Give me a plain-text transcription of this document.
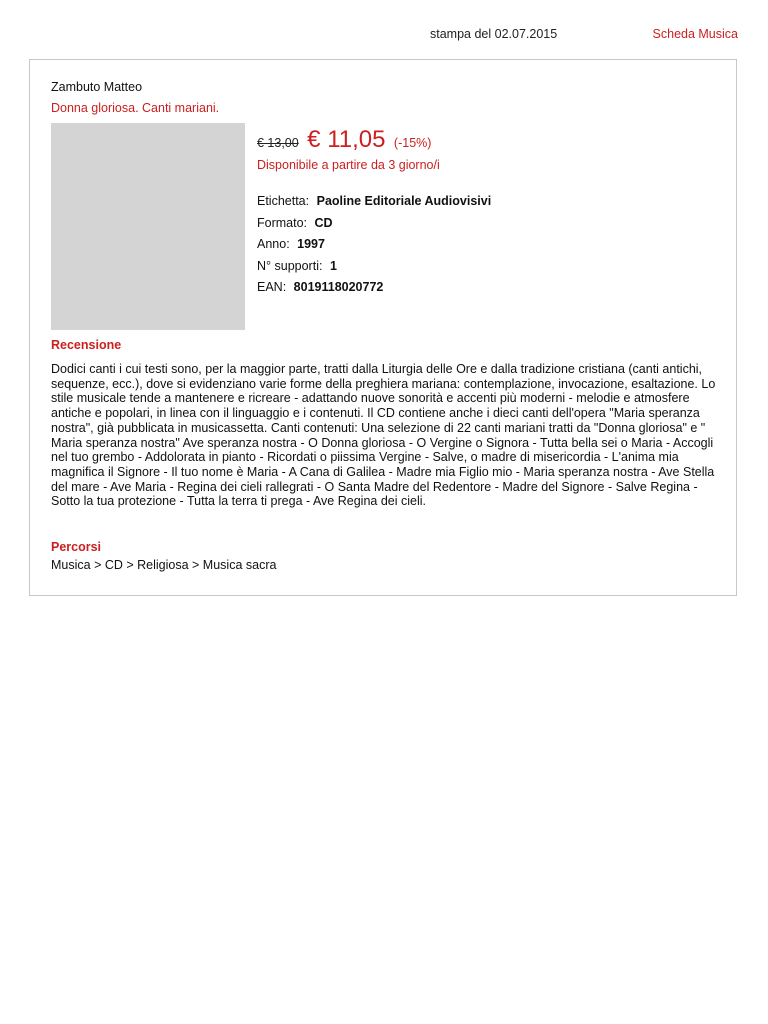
stampa del 02.07.2015	Scheda Musica
Zambuto Matteo
Donna gloriosa. Canti mariani.
€ 13,00 € 11,05 (-15%)
Disponibile a partire da 3 giorno/i
Etichetta: Paoline Editoriale Audiovisivi
Formato: CD
Anno: 1997
N° supporti: 1
EAN: 8019118020772
Recensione

Dodici canti i cui testi sono, per la maggior parte, tratti dalla Liturgia delle Ore e dalla tradizione cristiana (canti antichi, sequenze, ecc.), dove si evidenziano varie forme della preghiera mariana: contemplazione, invocazione, esaltazione. Lo stile musicale tende a mantenere e ricreare - adattando nuove sonorità e accenti più moderni - melodie e atmosfere antiche e popolari, in linea con il linguaggio e i contenuti. Il CD contiene anche i dieci canti dell'opera "Maria speranza nostra", già pubblicata in musicassetta. Canti contenuti: Una selezione di 22 canti mariani tratti da "Donna gloriosa" e " Maria speranza nostra" Ave speranza nostra - O Donna gloriosa - O Vergine o Signora - Tutta bella sei o Maria - Accogli nel tuo grembo - Addolorata in pianto - Ricordati o piissima Vergine - Salve, o madre di misericordia - L'anima mia magnifica il Signore - Il tuo nome è Maria - A Cana di Galilea - Madre mia Figlio mio - Maria speranza nostra - Ave Stella del mare - Ave Maria - Regina dei cieli rallegrati - O Santa Madre del Redentore - Madre del Signore - Salve Regina - Sotto la tua protezione - Tutta la terra ti prega - Ave Regina dei cieli.

Percorsi
Musica > CD > Religiosa > Musica sacra
